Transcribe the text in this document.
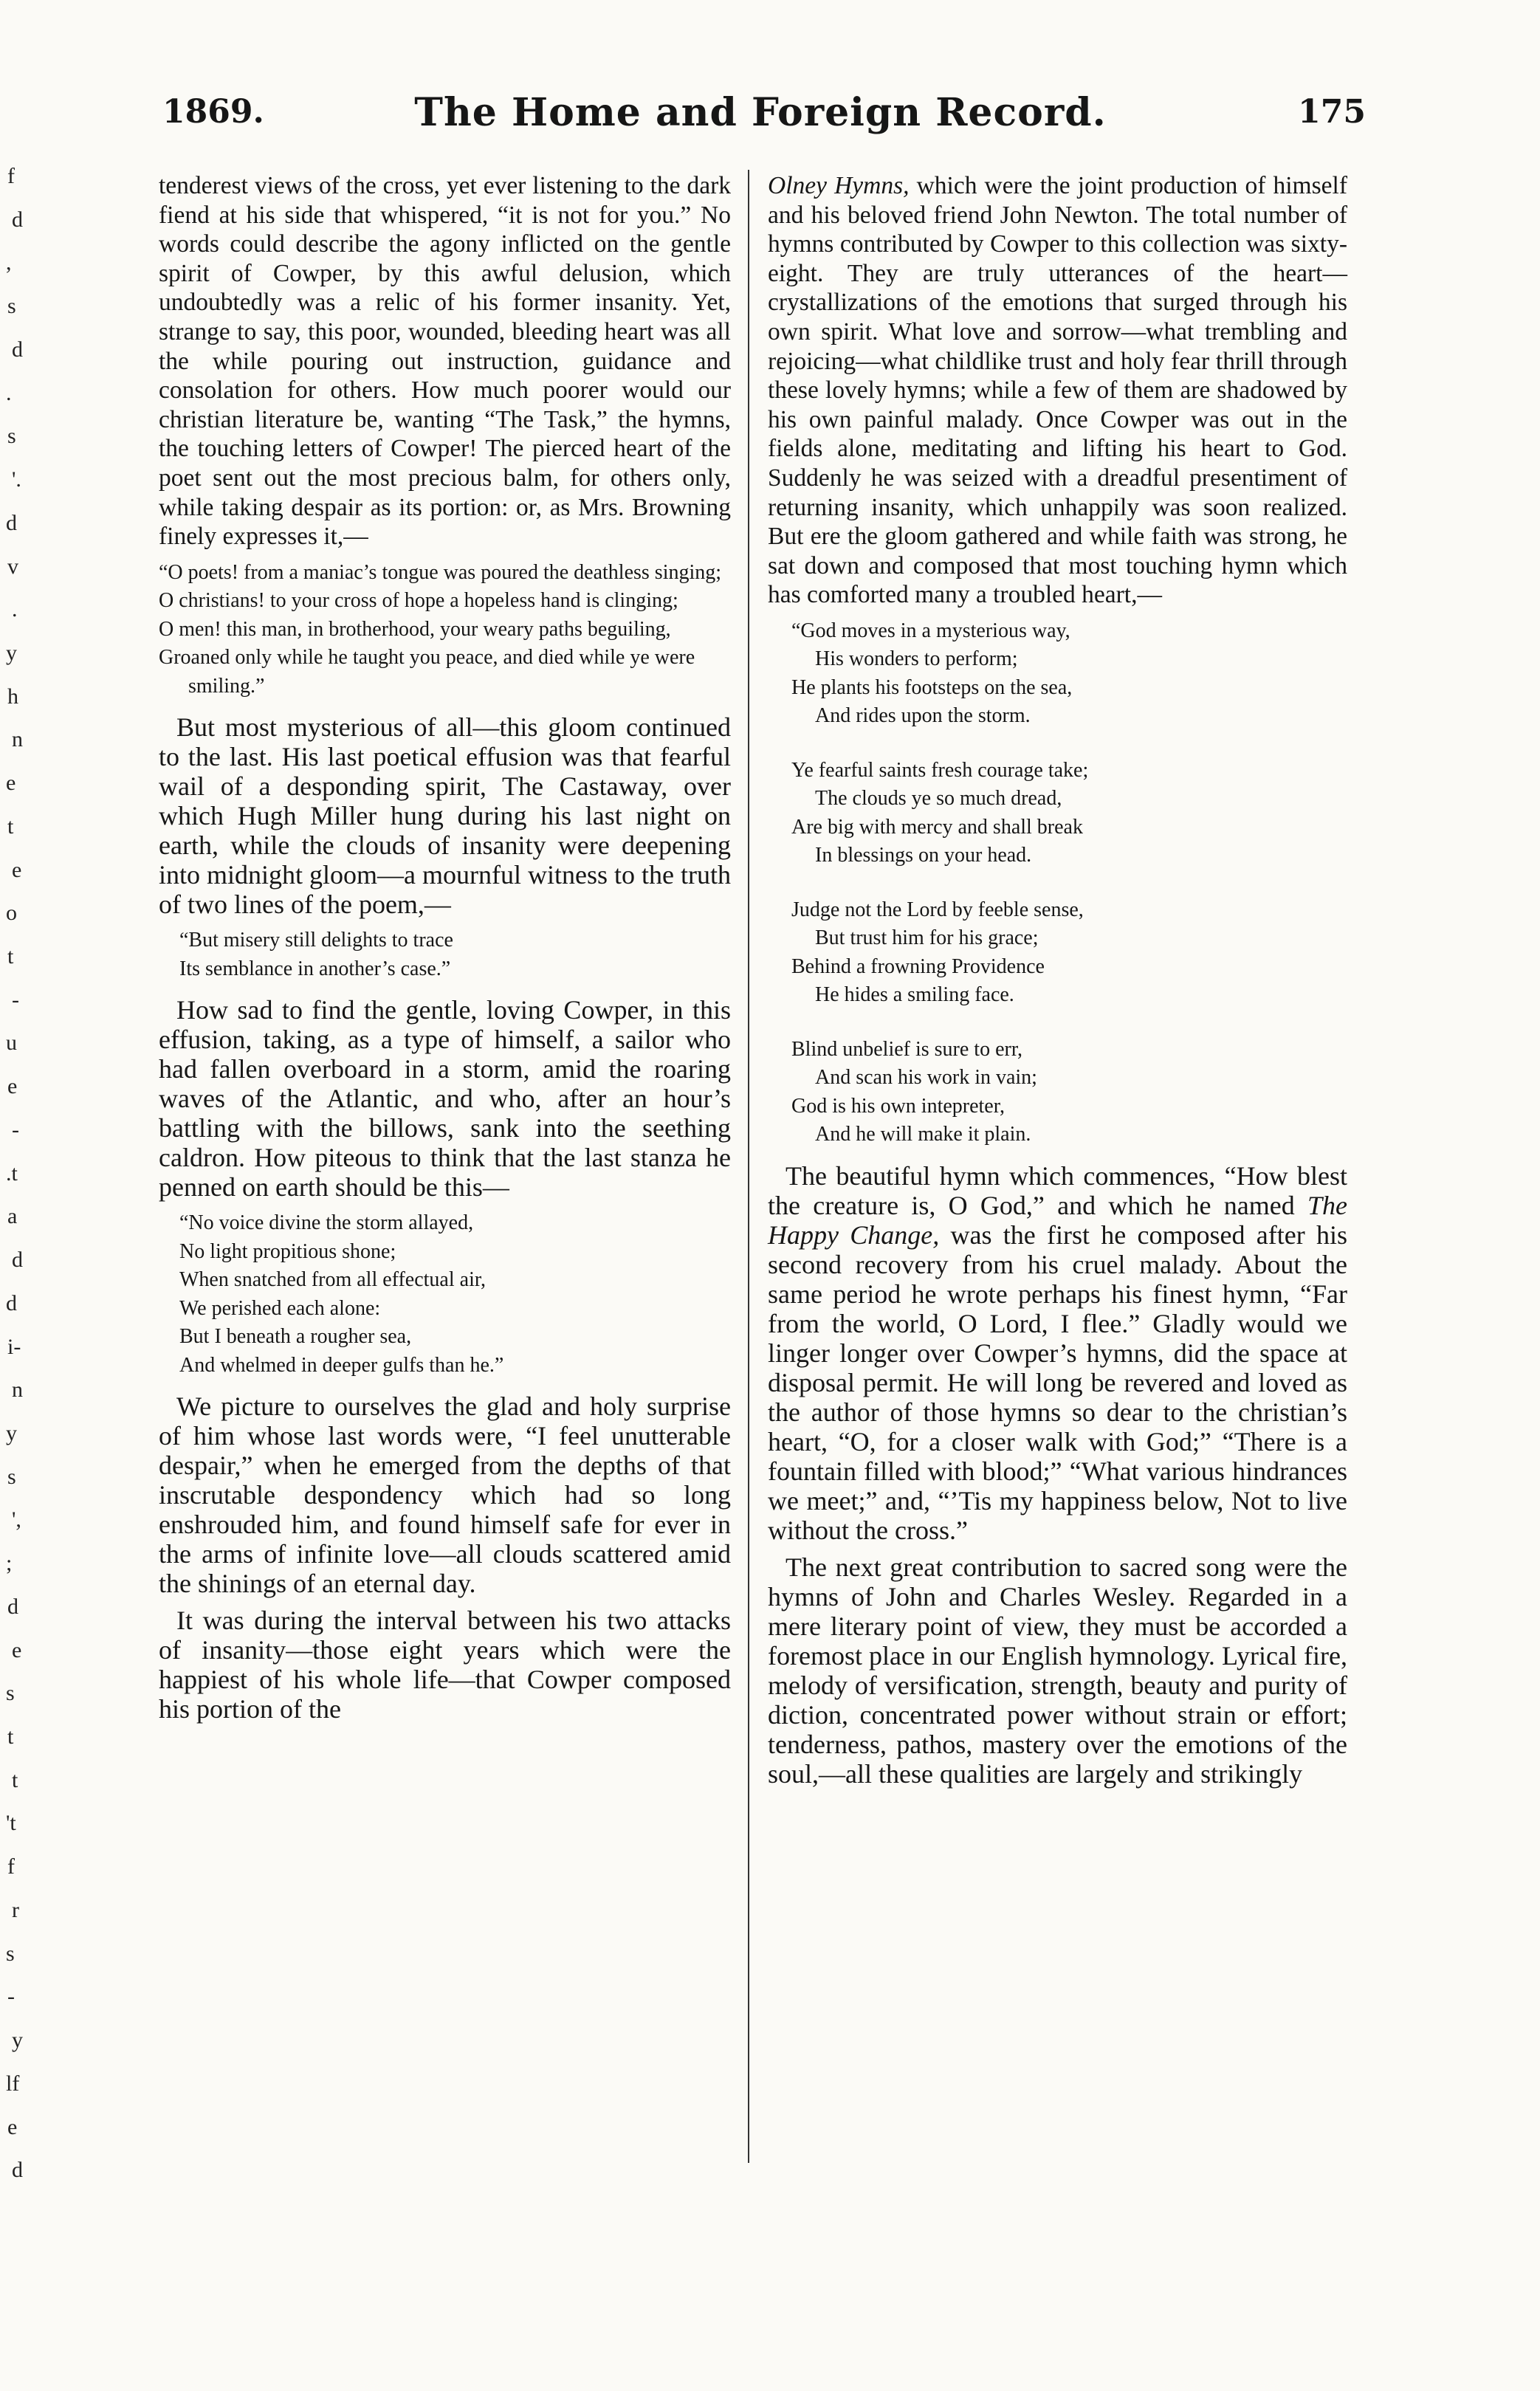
f
d
,
s
d
.
s
'.
d
v
.
y
h
n
e
t
e
o
t
-
u
e
-
.t
a
d
d
i-
n
y
s
',
;
d
e
s
t
t
't
f
r
s
-
y
lf
e
d
1869.	The Home and Foreign Record.	175

tenderest views of the cross, yet ever listening to the dark fiend at his side that whispered, “it is not for you.” No words could describe the agony inflicted on the gentle spirit of Cowper, by this awful delusion, which undoubtedly was a relic of his former insanity. Yet, strange to say, this poor, wounded, bleeding heart was all the while pouring out instruction, guidance and consolation for others. How much poorer would our christian literature be, wanting “The Task,” the hymns, the touching letters of Cowper! The pierced heart of the poet sent out the most precious balm, for others only, while taking despair as its portion: or, as Mrs. Browning finely expresses it,—

“O poets! from a maniac’s tongue was poured the deathless singing;
O christians! to your cross of hope a hopeless hand is clinging;
O men! this man, in brotherhood, your weary paths beguiling,
Groaned only while he taught you peace, and died while ye were smiling.”

But most mysterious of all—this gloom continued to the last. His last poetical effusion was that fearful wail of a desponding spirit, The Castaway, over which Hugh Miller hung during his last night on earth, while the clouds of insanity were deepening into midnight gloom—a mournful witness to the truth of two lines of the poem,—

“But misery still delights to trace
Its semblance in another’s case.”

How sad to find the gentle, loving Cowper, in this effusion, taking, as a type of himself, a sailor who had fallen overboard in a storm, amid the roaring waves of the Atlantic, and who, after an hour’s battling with the billows, sank into the seething caldron. How piteous to think that the last stanza he penned on earth should be this—

“No voice divine the storm allayed,
No light propitious shone;
When snatched from all effectual air,
We perished each alone:
But I beneath a rougher sea,
And whelmed in deeper gulfs than he.”

We picture to ourselves the glad and holy surprise of him whose last words were, “I feel unutterable despair,” when he emerged from the depths of that inscrutable despondency which had so long enshrouded him, and found himself safe for ever in the arms of infinite love—all clouds scattered amid the shinings of an eternal day.

It was during the interval between his two attacks of insanity—those eight years which were the happiest of his whole life—that Cowper composed his portion of the

Olney Hymns, which were the joint production of himself and his beloved friend John Newton. The total number of hymns contributed by Cowper to this collection was sixty-eight. They are truly utterances of the heart—crystallizations of the emotions that surged through his own spirit. What love and sorrow—what trembling and rejoicing—what childlike trust and holy fear thrill through these lovely hymns; while a few of them are shadowed by his own painful malady. Once Cowper was out in the fields alone, meditating and lifting his heart to God. Suddenly he was seized with a dreadful presentiment of returning insanity, which unhappily was soon realized. But ere the gloom gathered and while faith was strong, he sat down and composed that most touching hymn which has comforted many a troubled heart,—

“God moves in a mysterious way,
His wonders to perform;
He plants his footsteps on the sea,
And rides upon the storm.
Ye fearful saints fresh courage take;
The clouds ye so much dread,
Are big with mercy and shall break
In blessings on your head.
Judge not the Lord by feeble sense,
But trust him for his grace;
Behind a frowning Providence
He hides a smiling face.
Blind unbelief is sure to err,
And scan his work in vain;
God is his own intepreter,
And he will make it plain.

The beautiful hymn which commences, “How blest the creature is, O God,” and which he named The Happy Change, was the first he composed after his second recovery from his cruel malady. About the same period he wrote perhaps his finest hymn, “Far from the world, O Lord, I flee.” Gladly would we linger longer over Cowper’s hymns, did the space at disposal permit. He will long be revered and loved as the author of those hymns so dear to the christian’s heart, “O, for a closer walk with God;” “There is a fountain filled with blood;” “What various hindrances we meet;” and, “’Tis my happiness below, Not to live without the cross.”

The next great contribution to sacred song were the hymns of John and Charles Wesley. Regarded in a mere literary point of view, they must be accorded a foremost place in our English hymnology. Lyrical fire, melody of versification, strength, beauty and purity of diction, concentrated power without strain or effort; tenderness, pathos, mastery over the emotions of the soul,—all these qualities are largely and strikingly
